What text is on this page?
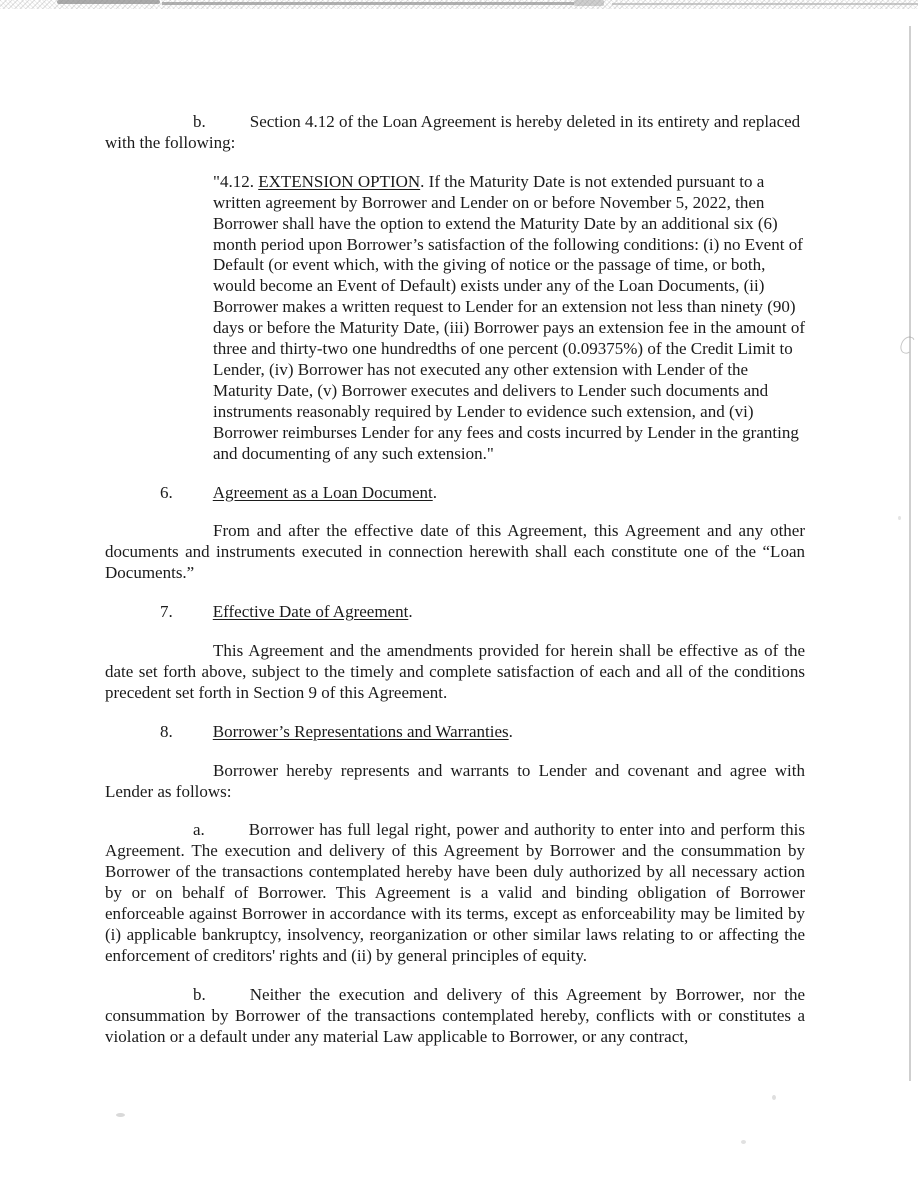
b.	Section 4.12 of the Loan Agreement is hereby deleted in its entirety and replaced with the following:

"4.12. EXTENSION OPTION. If the Maturity Date is not extended pursuant to a written agreement by Borrower and Lender on or before November 5, 2022, then Borrower shall have the option to extend the Maturity Date by an additional six (6) month period upon Borrower’s satisfaction of the following conditions: (i) no Event of Default (or event which, with the giving of notice or the passage of time, or both, would become an Event of Default) exists under any of the Loan Documents, (ii) Borrower makes a written request to Lender for an extension not less than ninety (90) days or before the Maturity Date, (iii) Borrower pays an extension fee in the amount of three and thirty-two one hundredths of one percent (0.09375%) of the Credit Limit to Lender, (iv) Borrower has not executed any other extension with Lender of the Maturity Date, (v) Borrower executes and delivers to Lender such documents and instruments reasonably required by Lender to evidence such extension, and (vi) Borrower reimburses Lender for any fees and costs incurred by Lender in the granting and documenting of any such extension."

6. Agreement as a Loan Document.

From and after the effective date of this Agreement, this Agreement and any other documents and instruments executed in connection herewith shall each constitute one of the “Loan Documents.”

7. Effective Date of Agreement.

This Agreement and the amendments provided for herein shall be effective as of the date set forth above, subject to the timely and complete satisfaction of each and all of the conditions precedent set forth in Section 9 of this Agreement.

8. Borrower’s Representations and Warranties.

Borrower hereby represents and warrants to Lender and covenant and agree with Lender as follows:

a.	Borrower has full legal right, power and authority to enter into and perform this Agreement. The execution and delivery of this Agreement by Borrower and the consummation by Borrower of the transactions contemplated hereby have been duly authorized by all necessary action by or on behalf of Borrower. This Agreement is a valid and binding obligation of Borrower enforceable against Borrower in accordance with its terms, except as enforceability may be limited by (i) applicable bankruptcy, insolvency, reorganization or other similar laws relating to or affecting the enforcement of creditors' rights and (ii) by general principles of equity.

b.	Neither the execution and delivery of this Agreement by Borrower, nor the consummation by Borrower of the transactions contemplated hereby, conflicts with or constitutes a violation or a default under any material Law applicable to Borrower, or any contract,
